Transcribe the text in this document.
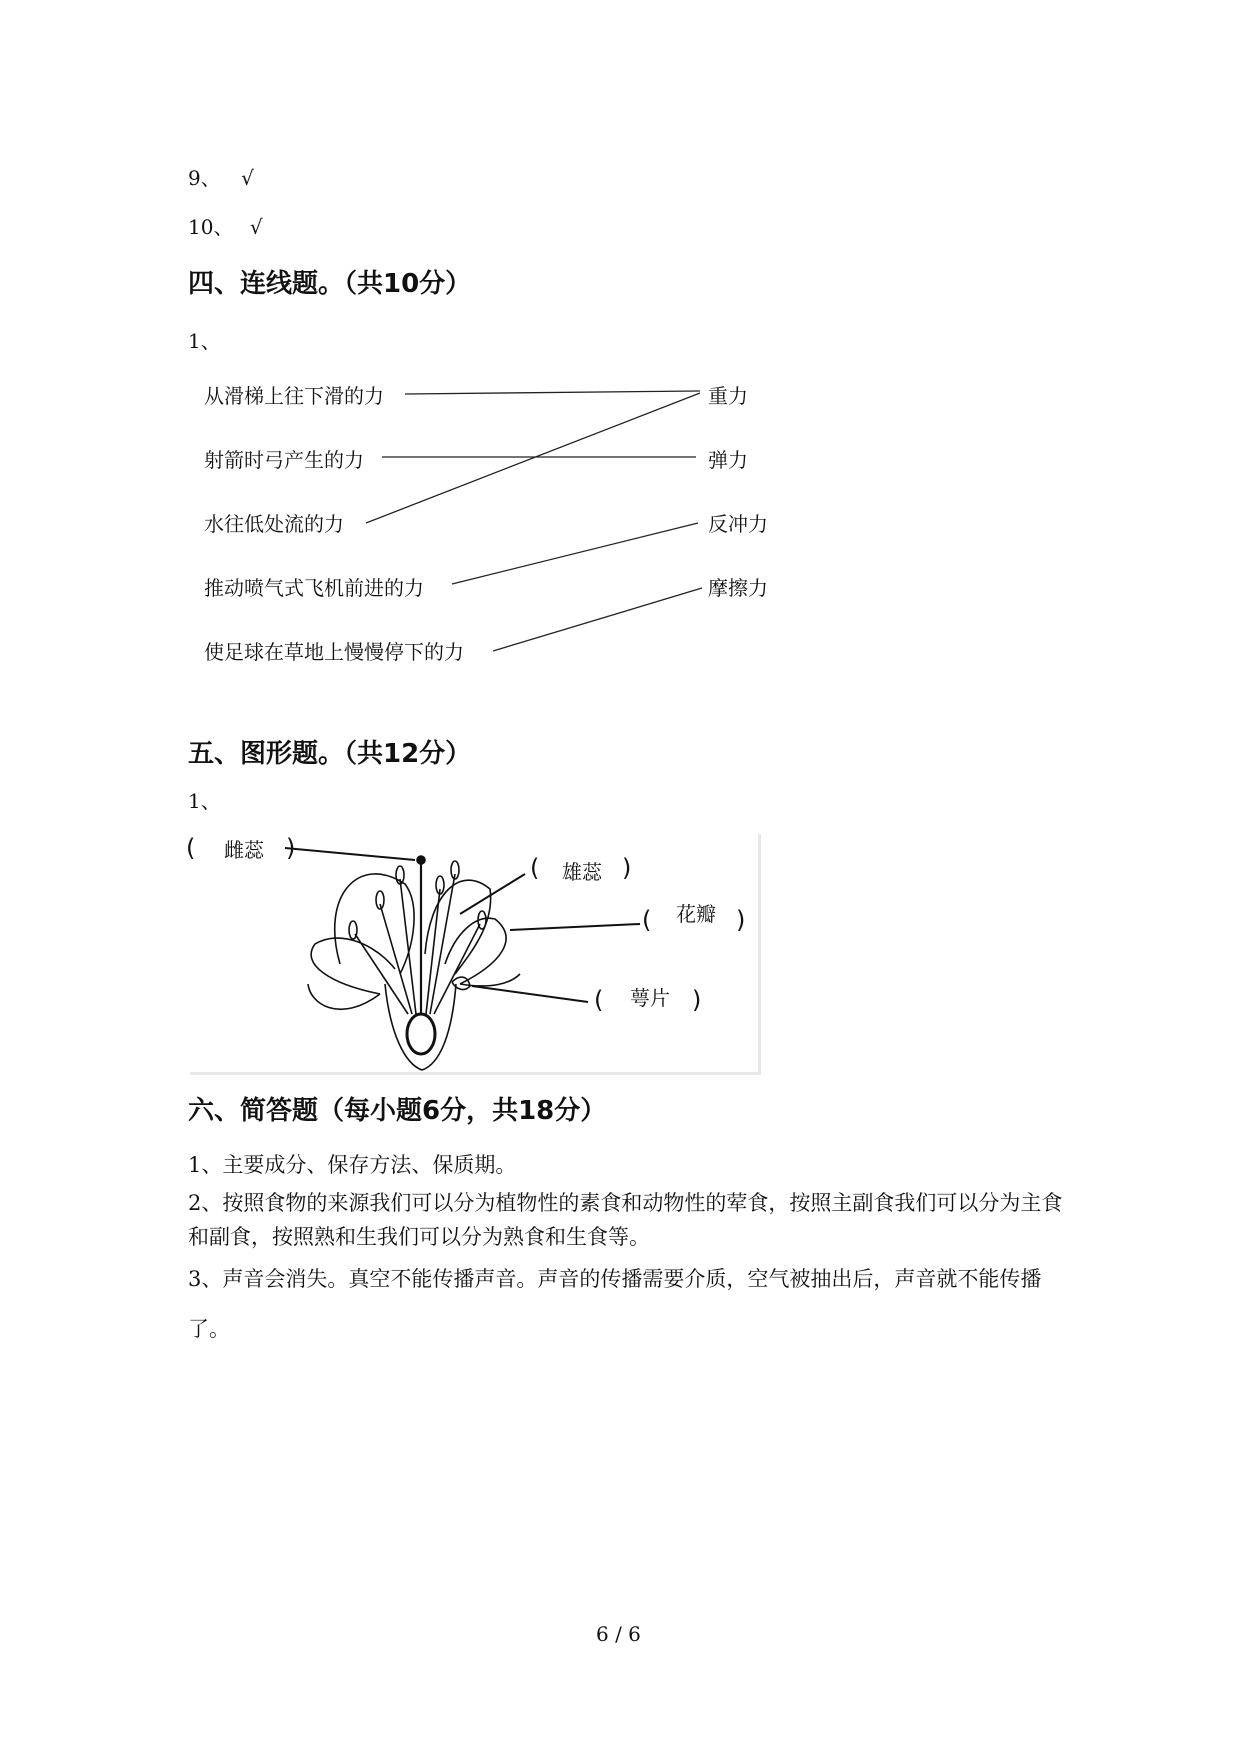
9、 √
10、 √
四、连线题。（共10分）
1、
从滑梯上往下滑的力
射箭时弓产生的力
水往低处流的力
推动喷气式飞机前进的力
使足球在草地上慢慢停下的力
重力
弹力
反冲力
摩擦力
五、图形题。（共12分）
1、
( 雌蕊 )
( 雄蕊 )
( 花瓣 )
( 萼片 )
六、简答题（每小题6分，共18分）
1、主要成分、保存方法、保质期。
2、按照食物的来源我们可以分为植物性的素食和动物性的荤食，按照主副食我们可以分为主食和副食，按照熟和生我们可以分为熟食和生食等。
3、声音会消失。真空不能传播声音。声音的传播需要介质，空气被抽出后，声音就不能传播了。
6 / 6
